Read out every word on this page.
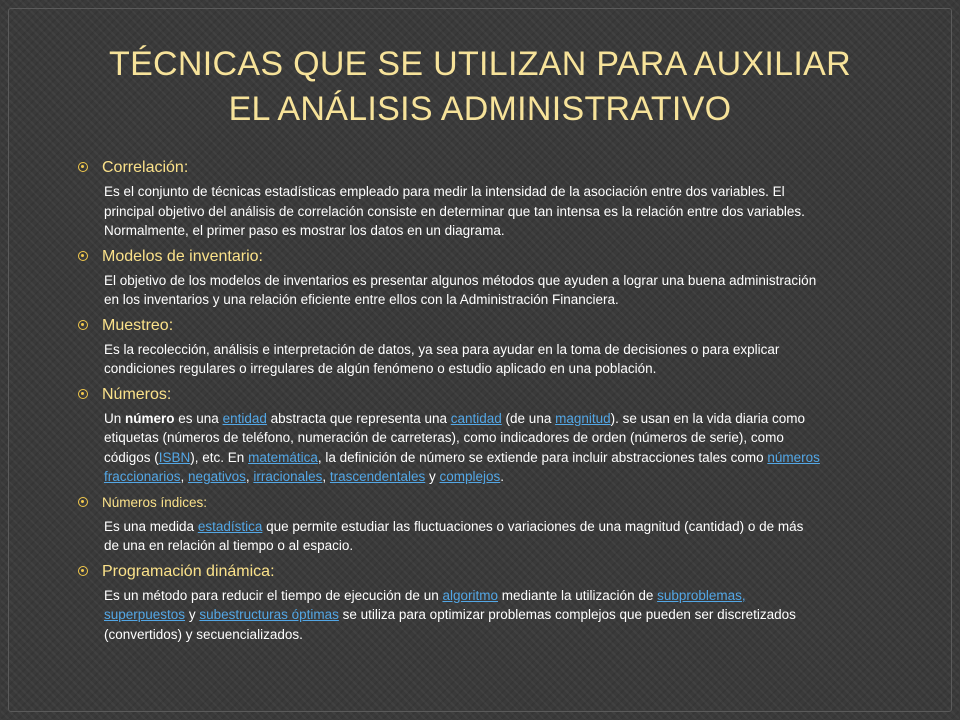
TÉCNICAS QUE SE UTILIZAN PARA AUXILIAR
EL ANÁLISIS ADMINISTRATIVO
Correlación:
Es el conjunto de técnicas estadísticas empleado para medir la intensidad de la asociación entre dos variables. El principal objetivo del análisis de correlación consiste en determinar que tan intensa es la relación entre dos variables. Normalmente, el primer paso es mostrar los datos en un diagrama.
Modelos de inventario:
El objetivo de los modelos de inventarios es presentar algunos métodos que ayuden a lograr una buena administración en los inventarios y una relación eficiente entre ellos con la Administración Financiera.
Muestreo:
Es la recolección, análisis e interpretación de datos, ya sea para ayudar en la toma de decisiones o para explicar condiciones regulares o irregulares de algún fenómeno o estudio aplicado en una población.
Números:
Un número es una entidad abstracta que representa una cantidad (de una magnitud). se usan en la vida diaria como etiquetas (números de teléfono, numeración de carreteras), como indicadores de orden (números de serie), como códigos (ISBN), etc. En matemática, la definición de número se extiende para incluir abstracciones tales como números fraccionarios, negativos, irracionales, trascendentales y complejos.
Números índices:
Es una medida estadística que permite estudiar las fluctuaciones o variaciones de una magnitud (cantidad) o de más de una en relación al tiempo o al espacio.
Programación dinámica:
Es un método para reducir el tiempo de ejecución de un algoritmo mediante la utilización de subproblemas, superpuestos y subestructuras óptimas se utiliza para optimizar problemas complejos que pueden ser discretizados (convertidos) y secuencializados.
